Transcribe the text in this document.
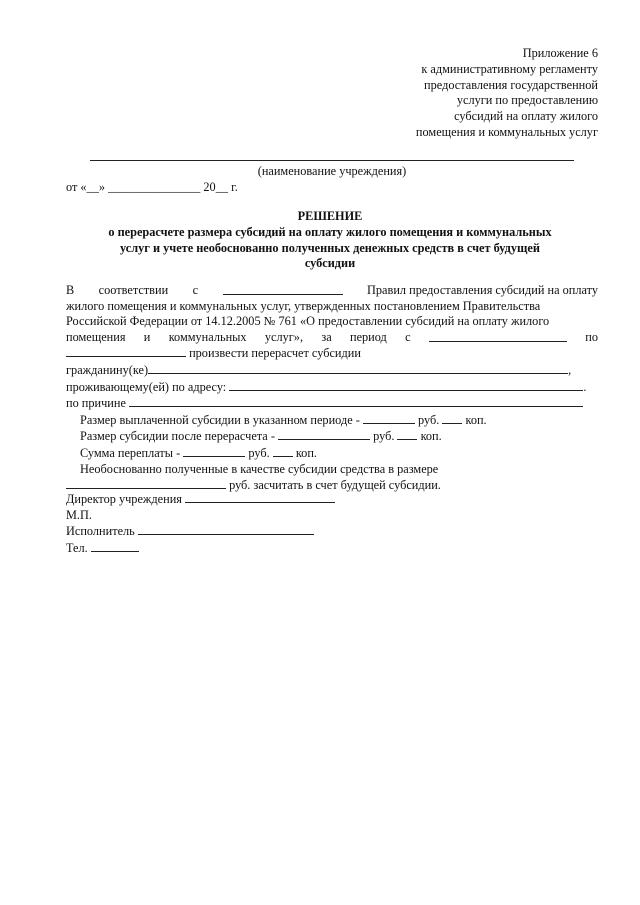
Приложение 6
к административному регламенту
предоставления государственной
услуги по предоставлению
субсидий на оплату жилого
помещения и коммунальных услуг
(наименование учреждения)
от «__» _______________ 20__ г.
РЕШЕНИЕ
о перерасчете размера субсидий на оплату жилого помещения и коммунальных
услуг и учете необоснованно полученных денежных средств в счет будущей
субсидии
В соответствии с	Правил предоставления субсидий на оплату
жилого помещения и коммунальных услуг, утвержденных постановлением Правительства
Российской Федерации от 14.12.2005 № 761 «О предоставлении субсидий на оплату жилого
помещения и коммунальных услуг», за период с	по
произвести перерасчет субсидии
гражданину(ке)	,
проживающему(ей) по адресу:	.
по причине
Размер выплаченной субсидии в указанном периоде -	руб. коп.
Размер субсидии после перерасчета -	руб. коп.
Сумма переплаты -	руб. коп.
Необоснованно полученные в качестве субсидии средства в размере
руб. засчитать в счет будущей субсидии.
Директор учреждения
М.П.
Исполнитель
Тел.
